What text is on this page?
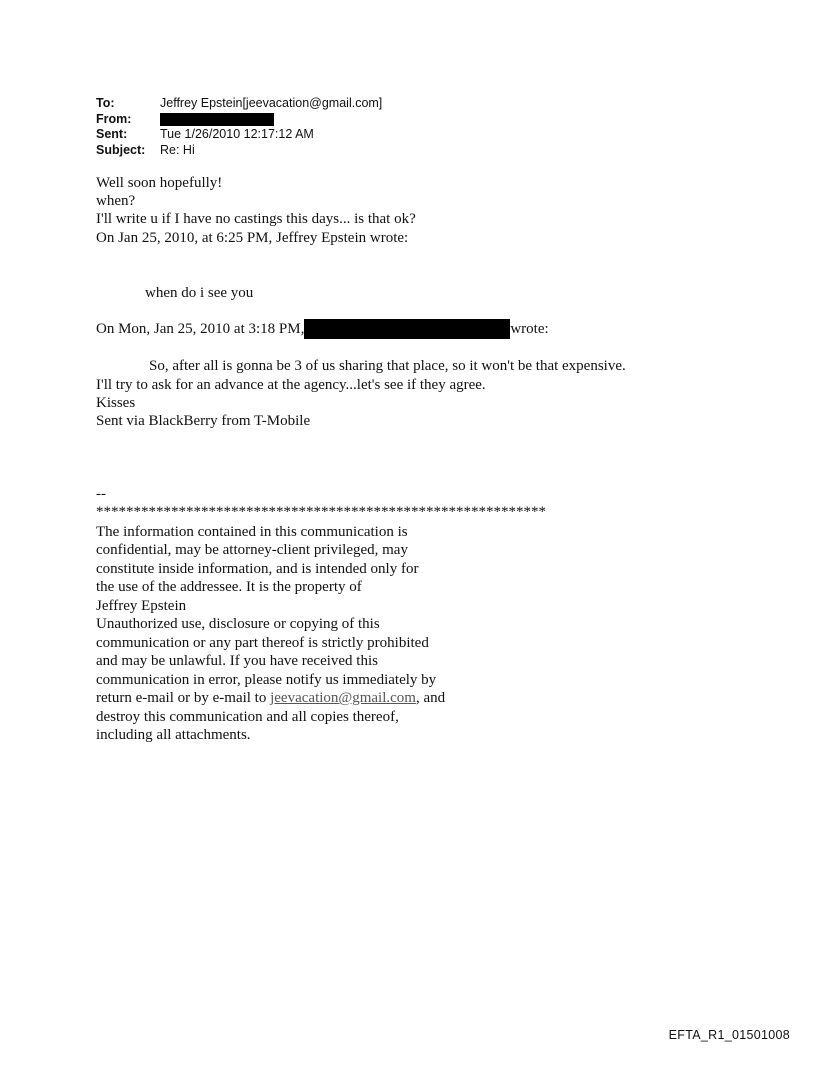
To:	Jeffrey Epstein[jeevacation@gmail.com]
From:
Sent:	Tue 1/26/2010 12:17:12 AM
Subject:	Re: Hi
Well soon hopefully!
when?
I'll write u if I have no castings this days... is that ok?
On Jan 25, 2010, at 6:25 PM, Jeffrey Epstein wrote:
when do i see you
On Mon, Jan 25, 2010 at 3:18 PM,	wrote:
So, after all is gonna be 3 of us sharing that place, so it won't be that expensive.
I'll try to ask for an advance at the agency...let's see if they agree.
Kisses
Sent via BlackBerry from T-Mobile
--
************************************************************
The information contained in this communication is
confidential, may be attorney-client privileged, may
constitute inside information, and is intended only for
the use of the addressee. It is the property of
Jeffrey Epstein
Unauthorized use, disclosure or copying of this
communication or any part thereof is strictly prohibited
and may be unlawful. If you have received this
communication in error, please notify us immediately by
return e-mail or by e-mail to jeevacation@gmail.com, and
destroy this communication and all copies thereof,
including all attachments.
EFTA_R1_01501008
